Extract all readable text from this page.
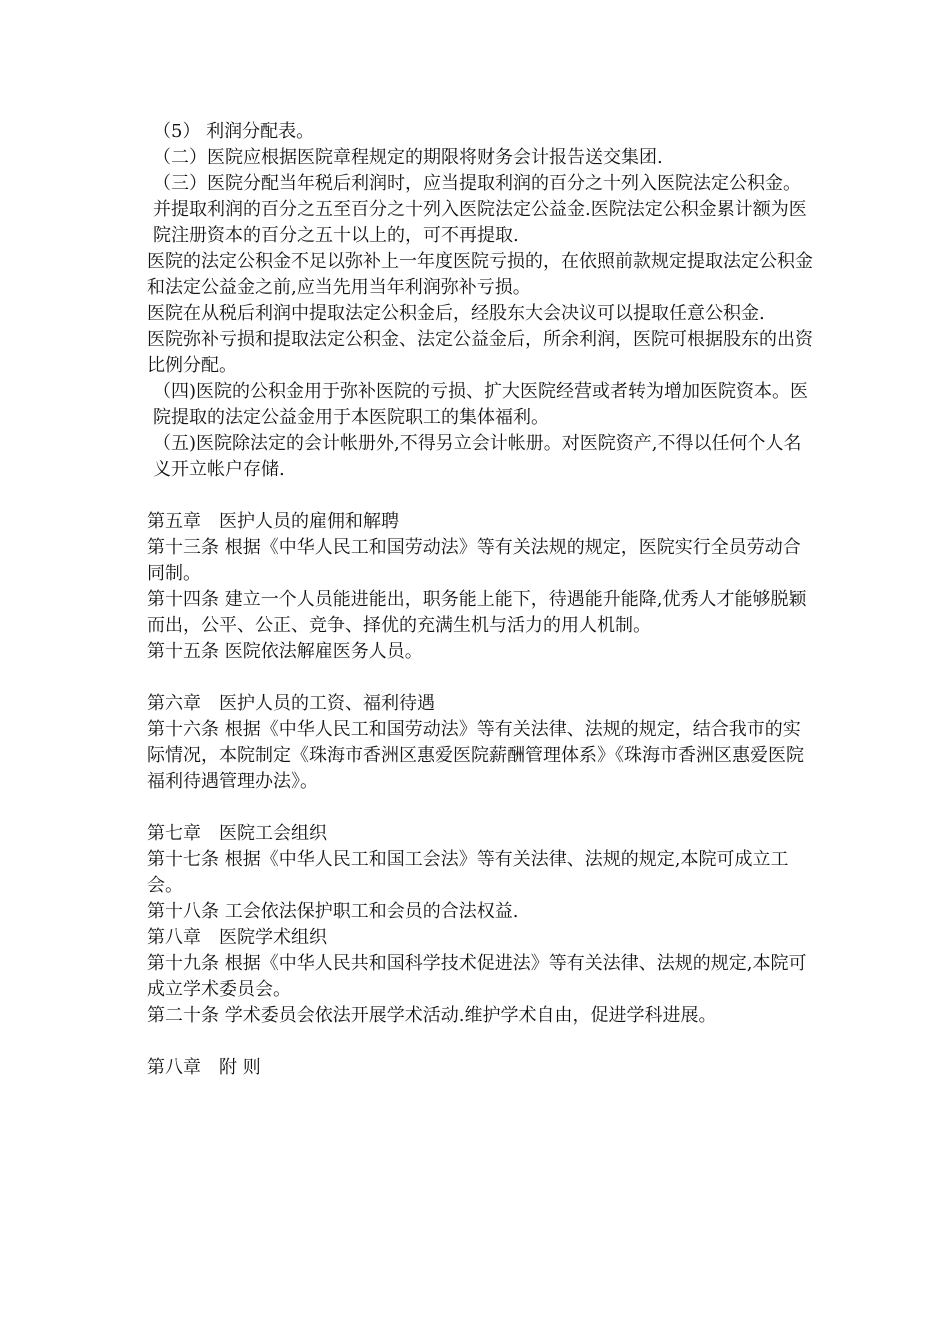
（5） 利润分配表。

（二）医院应根据医院章程规定的期限将财务会计报告送交集团.

（三）医院分配当年税后利润时，应当提取利润的百分之十列入医院法定公积金。并提取利润的百分之五至百分之十列入医院法定公益金.医院法定公积金累计额为医院注册资本的百分之五十以上的，可不再提取.

医院的法定公积金不足以弥补上一年度医院亏损的，在依照前款规定提取法定公积金和法定公益金之前,应当先用当年利润弥补亏损。

医院在从税后利润中提取法定公积金后，经股东大会决议可以提取任意公积金.

医院弥补亏损和提取法定公积金、法定公益金后，所余利润，医院可根据股东的出资比例分配。

（四)医院的公积金用于弥补医院的亏损、扩大医院经营或者转为增加医院资本。医院提取的法定公益金用于本医院职工的集体福利。

（五)医院除法定的会计帐册外,不得另立会计帐册。对医院资产,不得以任何个人名义开立帐户存储.

第五章　医护人员的雇佣和解聘

第十三条 根据《中华人民工和国劳动法》等有关法规的规定，医院实行全员劳动合同制。

第十四条 建立一个人员能进能出，职务能上能下，待遇能升能降,优秀人才能够脱颖而出，公平、公正、竞争、择优的充满生机与活力的用人机制。

第十五条 医院依法解雇医务人员。

第六章　医护人员的工资、福利待遇

第十六条 根据《中华人民工和国劳动法》等有关法律、法规的规定，结合我市的实际情况，本院制定《珠海市香洲区惠爱医院薪酬管理体系》《珠海市香洲区惠爱医院福利待遇管理办法》。

第七章　医院工会组织

第十七条 根据《中华人民工和国工会法》等有关法律、法规的规定,本院可成立工会。

第十八条 工会依法保护职工和会员的合法权益.

第八章　医院学术组织

第十九条 根据《中华人民共和国科学技术促进法》等有关法律、法规的规定,本院可成立学术委员会。

第二十条 学术委员会依法开展学术活动.维护学术自由，促进学科进展。

第八章　附 则
